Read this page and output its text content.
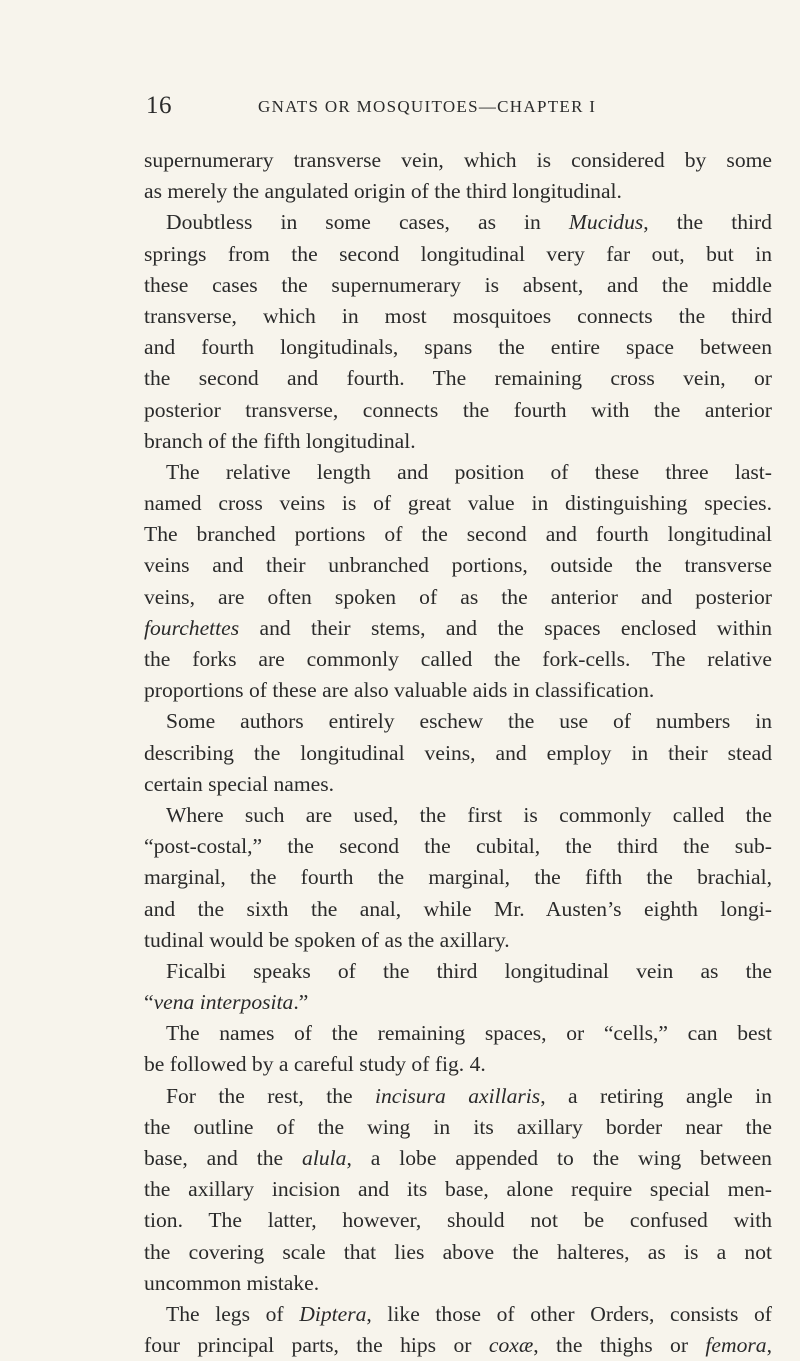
16	GNATS OR MOSQUITOES—CHAPTER I
supernumerary transverse vein, which is considered by some
as merely the angulated origin of the third longitudinal.
Doubtless in some cases, as in Mucidus, the third
springs from the second longitudinal very far out, but in
these cases the supernumerary is absent, and the middle
transverse, which in most mosquitoes connects the third
and fourth longitudinals, spans the entire space between
the second and fourth. The remaining cross vein, or
posterior transverse, connects the fourth with the anterior
branch of the fifth longitudinal.
The relative length and position of these three last-
named cross veins is of great value in distinguishing species.
The branched portions of the second and fourth longitudinal
veins and their unbranched portions, outside the transverse
veins, are often spoken of as the anterior and posterior
fourchettes and their stems, and the spaces enclosed within
the forks are commonly called the fork-cells. The relative
proportions of these are also valuable aids in classification.
Some authors entirely eschew the use of numbers in
describing the longitudinal veins, and employ in their stead
certain special names.
Where such are used, the first is commonly called the
“post-costal,” the second the cubital, the third the sub-
marginal, the fourth the marginal, the fifth the brachial,
and the sixth the anal, while Mr. Austen’s eighth longi-
tudinal would be spoken of as the axillary.
Ficalbi speaks of the third longitudinal vein as the
“vena interposita.”
The names of the remaining spaces, or “cells,” can best
be followed by a careful study of fig. 4.
For the rest, the incisura axillaris, a retiring angle in
the outline of the wing in its axillary border near the
base, and the alula, a lobe appended to the wing between
the axillary incision and its base, alone require special men-
tion. The latter, however, should not be confused with
the covering scale that lies above the halteres, as is a not
uncommon mistake.
The legs of Diptera, like those of other Orders, consists of
four principal parts, the hips or coxæ, the thighs or femora,
